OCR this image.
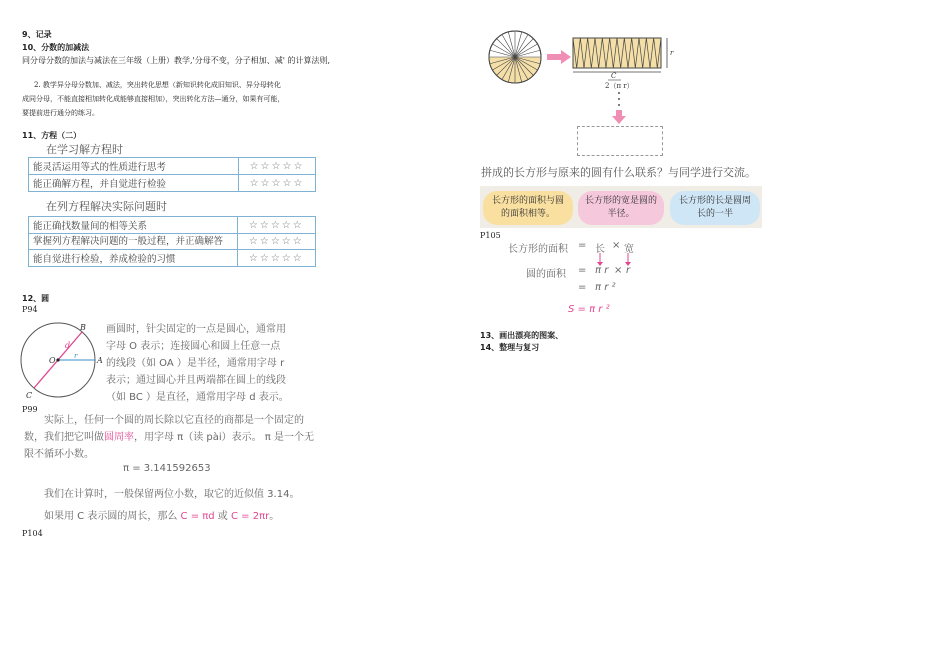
9、记录
10、分数的加减法
同分母分数的加法与减法在三年级（上册）教学,'分母不变，分子相加、减' 的计算法则,
2. 教学异分母分数加、减法，突出转化思想（新知识转化成旧知识、异分母转化
成同分母，不能直接相加转化成能够直接相加），突出转化方法—通分，如果有可能，
要提前进行通分的练习。
11、方程（二）
在学习解方程时
能灵活运用等式的性质进行思考	☆☆☆☆☆
能正确解方程，并自觉进行检验	☆☆☆☆☆
在列方程解决实际问题时
能正确找数量间的相等关系	☆☆☆☆☆
掌握列方程解决问题的一般过程，并正确解答	☆☆☆☆☆
能自觉进行检验，养成检验的习惯	☆☆☆☆☆
12、圆
P94
B
O	A
C
d
r
画圆时，针尖固定的一点是圆心，通常用
字母 O 表示；连接圆心和圆上任意一点
的线段（如 OA ）是半径，通常用字母 r
表示；通过圆心并且两端都在圆上的线段
（如 BC ）是直径，通常用字母 d 表示。
P99
实际上，任何一个圆的周长除以它直径的商都是一个固定的
数，我们把它叫做圆周率，用字母 π（读 pài）表示。 π 是一个无
限不循环小数。
π = 3.141592653
我们在计算时，一般保留两位小数，取它的近似值 3.14。
如果用 C 表示圆的周长，那么 C = πd 或 C = 2πr。
P104
r
C
2（π r）
拼成的长方形与原来的圆有什么联系？与同学进行交流。
长方形的面积与圆的面积相等。
长方形的宽是圆的半径。
长方形的长是圆周长的一半
P105
长方形的面积 = 长 × 宽
圆的面积 = π r × r
= π r ²
S = π r ²
13、画出漂亮的图案、
14、整理与复习
